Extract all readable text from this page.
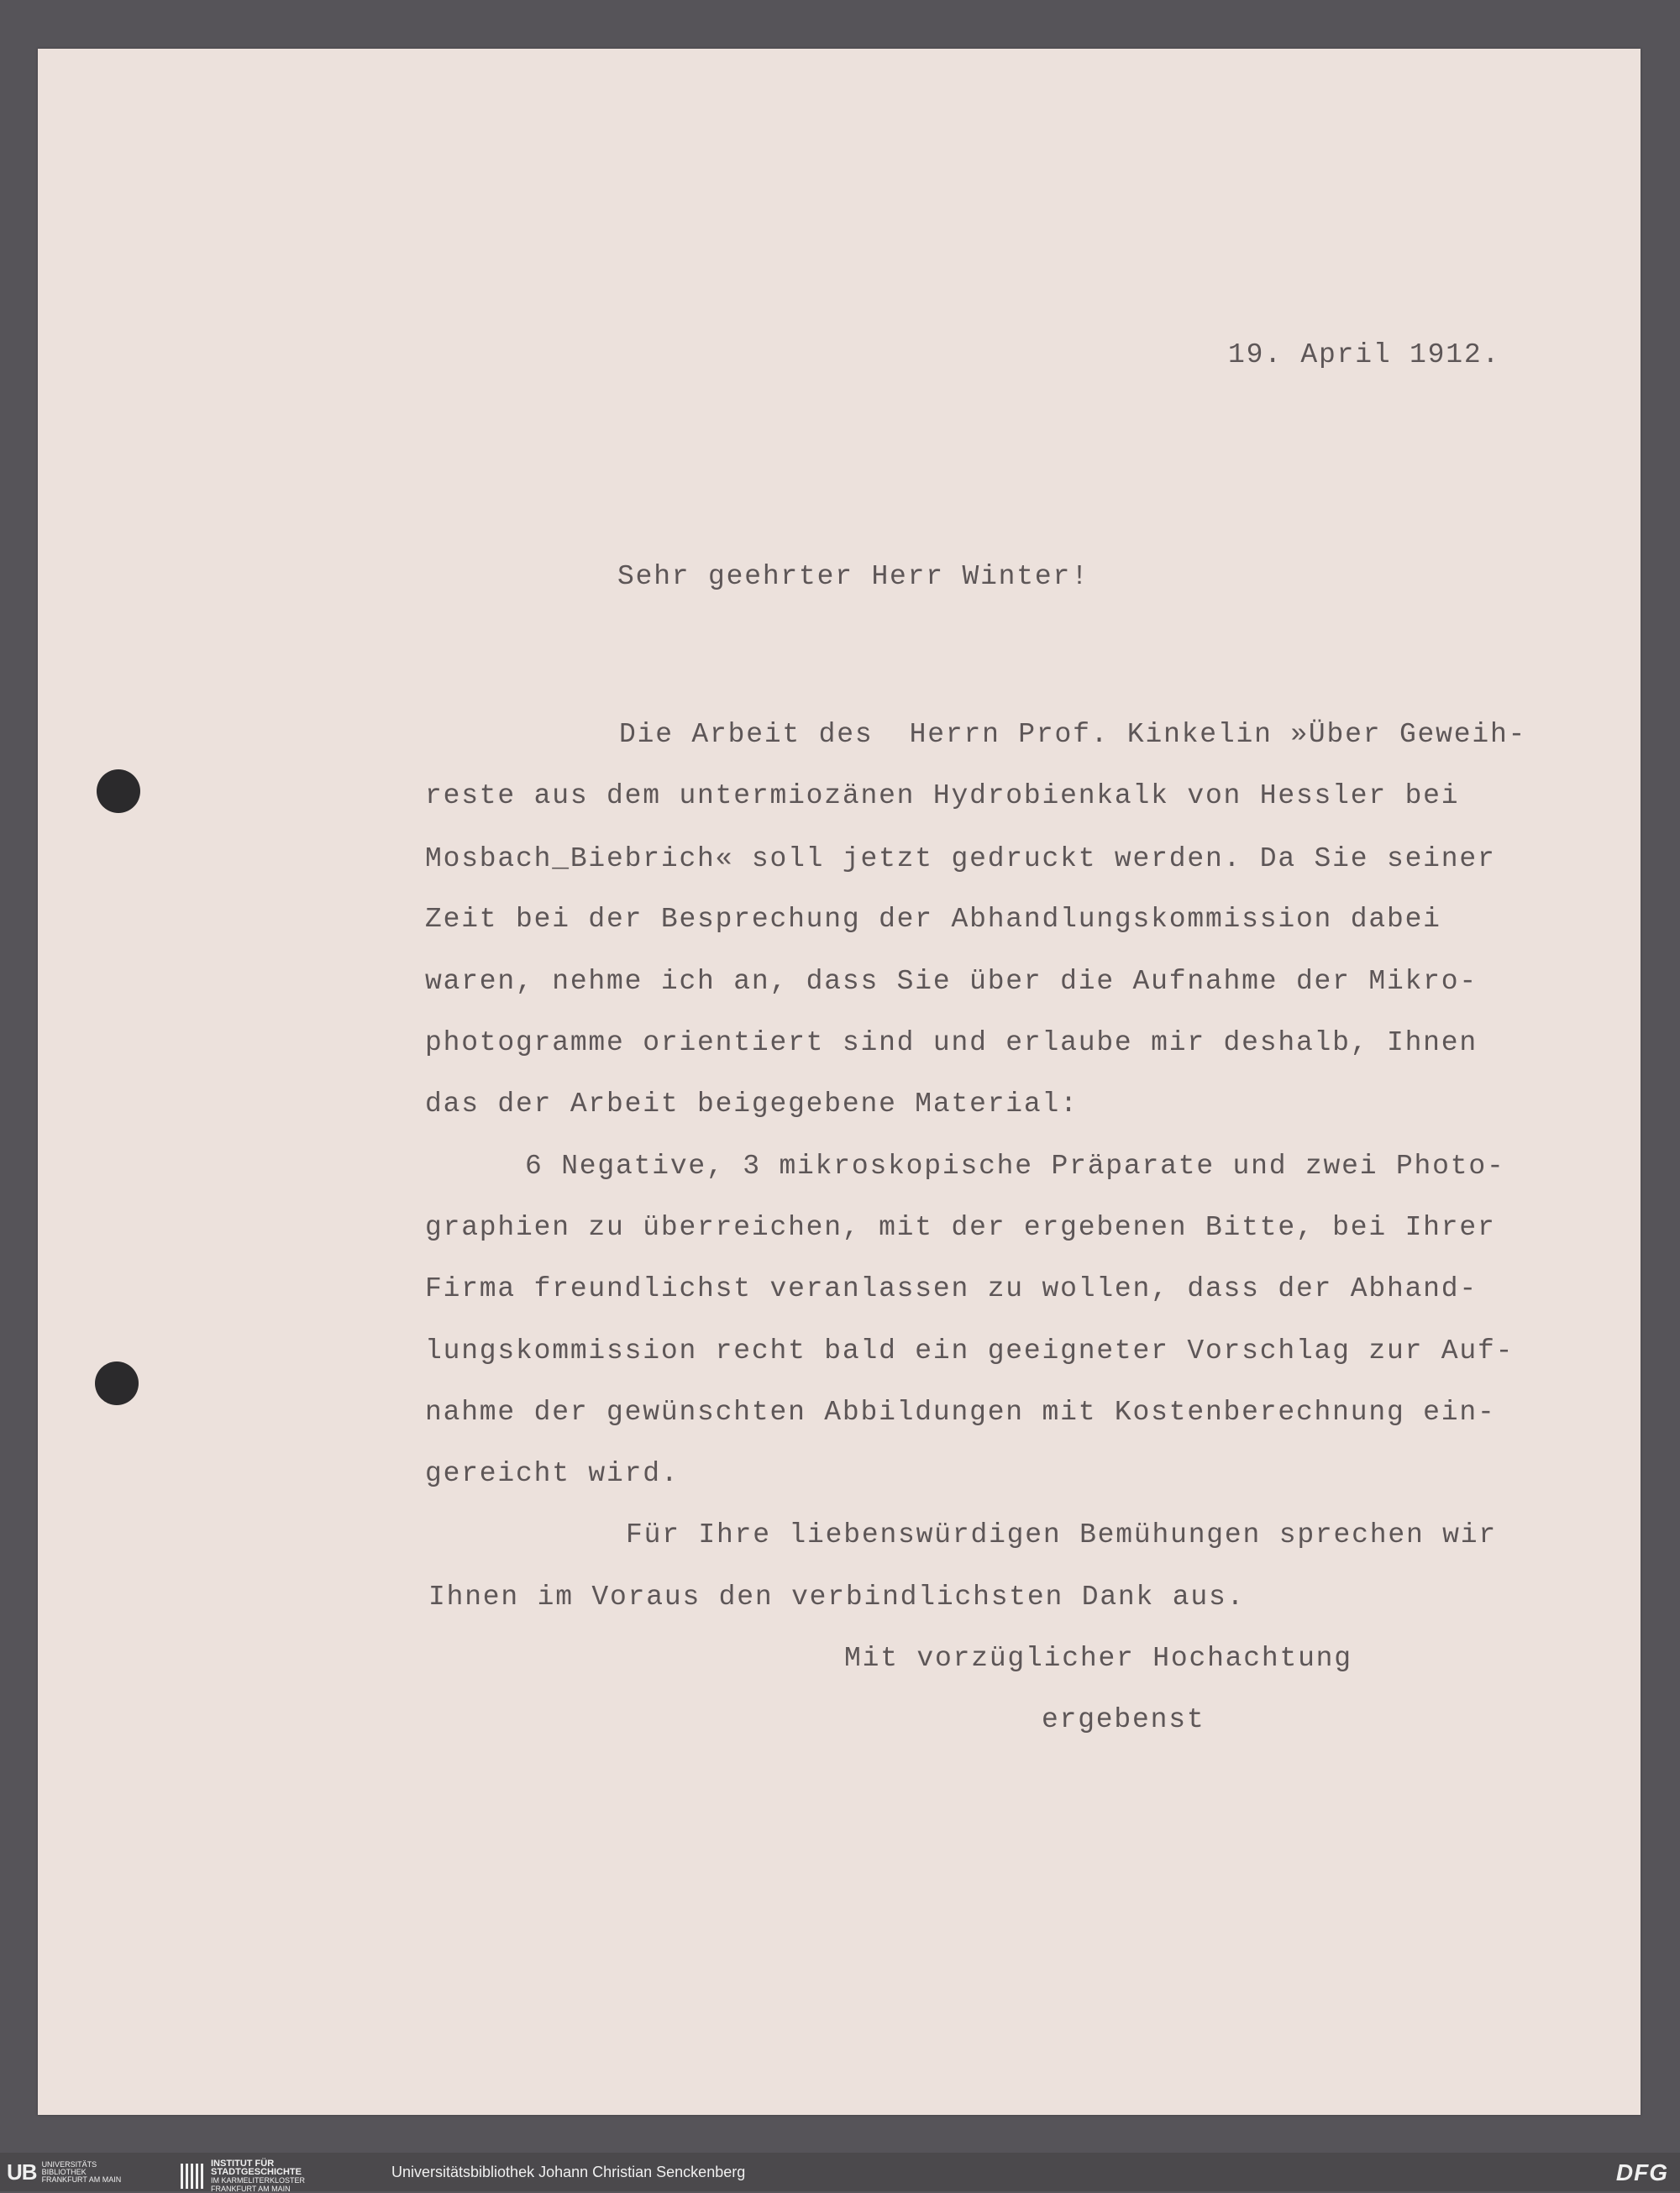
19. April 1912.
Sehr geehrter Herr Winter!
Die Arbeit des  Herrn Prof. Kinkelin »Über Geweih-
reste aus dem untermiozänen Hydrobienkalk von Hessler bei
Mosbach_Biebrich« soll jetzt gedruckt werden. Da Sie seiner
Zeit bei der Besprechung der Abhandlungskommission dabei
waren, nehme ich an, dass Sie über die Aufnahme der Mikro-
photogramme orientiert sind und erlaube mir deshalb, Ihnen
das der Arbeit beigegebene Material:
6 Negative, 3 mikroskopische Präparate und zwei Photo-
graphien zu überreichen, mit der ergebenen Bitte, bei Ihrer
Firma freundlichst veranlassen zu wollen, dass der Abhand-
lungskommission recht bald ein geeigneter Vorschlag zur Auf-
nahme der gewünschten Abbildungen mit Kostenberechnung ein-
gereicht wird.
Für Ihre liebenswürdigen Bemühungen sprechen wir
Ihnen im Voraus den verbindlichsten Dank aus.
Mit vorzüglicher Hochachtung
ergebenst
UB UNIVERSITÄTS
BIBLIOTHEK
FRANKFURT AM MAIN
INSTITUT FÜR
STADTGESCHICHTE
IM KARMELITERKLOSTER
FRANKFURT AM MAIN
Universitätsbibliothek Johann Christian Senckenberg	DFG
